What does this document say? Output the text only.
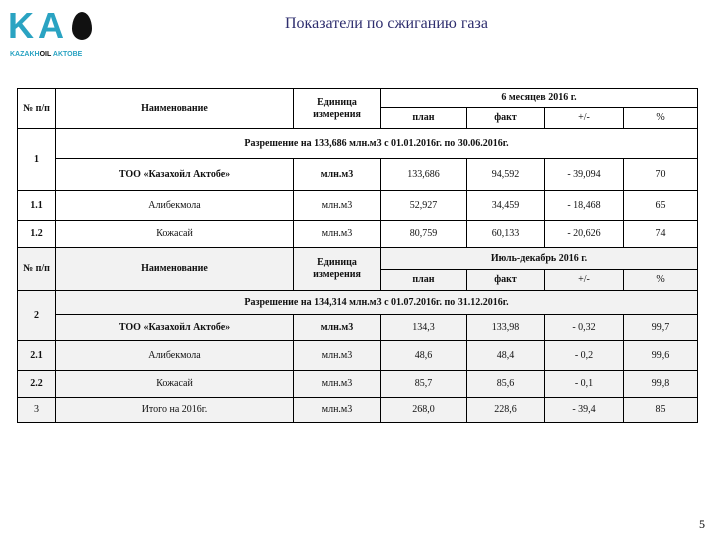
KA
KAZAKHOIL AKTOBE
Показатели по сжиганию газа
№ п/п	Наименование	Единица измерения	6 месяцев 2016 г.			
			план	факт	+/-	%
1	Разрешение на 133,686 млн.м3 с 01.01.2016г. по 30.06.2016г.					
	ТОО «Казахойл Актобе»	млн.м3	133,686	94,592	- 39,094	70
1.1	Алибекмола	млн.м3	52,927	34,459	- 18,468	65
1.2	Кожасай	млн.м3	80,759	60,133	- 20,626	74
№ п/п	Наименование	Единица измерения	Июль-декабрь 2016 г.			
			план	факт	+/-	%
2	Разрешение на 134,314 млн.м3 с 01.07.2016г. по 31.12.2016г.					
	ТОО «Казахойл Актобе»	млн.м3	134,3	133,98	- 0,32	99,7
2.1	Алибекмола	млн.м3	48,6	48,4	- 0,2	99,6
2.2	Кожасай	млн.м3	85,7	85,6	- 0,1	99,8
3	Итого на 2016г.	млн.м3	268,0	228,6	- 39,4	85
5
